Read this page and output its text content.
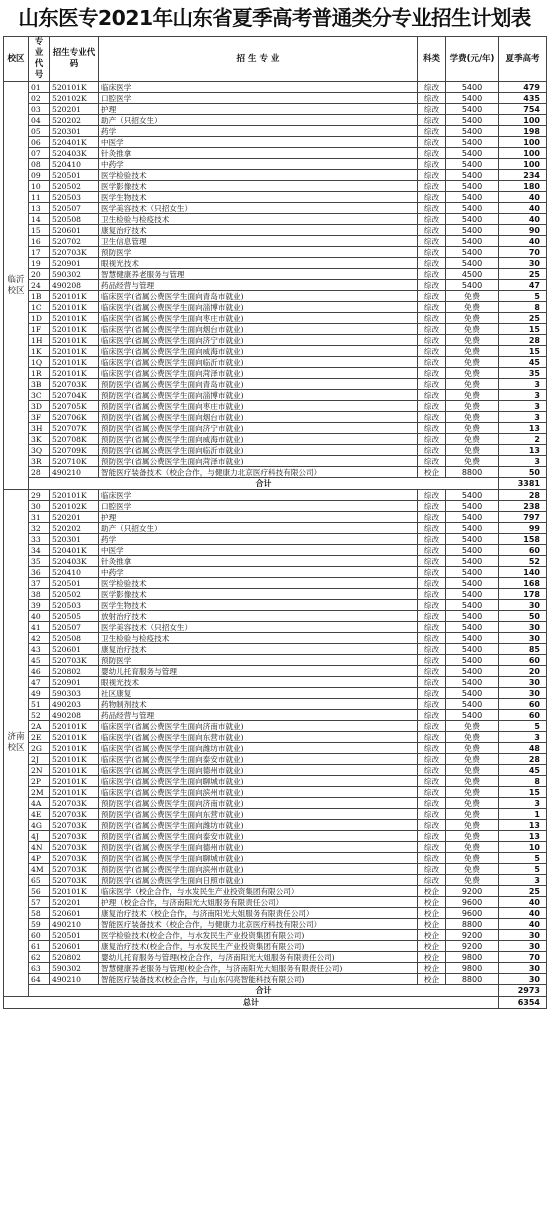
山东医专2021年山东省夏季高考普通类分专业招生计划表
校区	专业代号	招生专业代码	招 生 专 业	科类	学费(元/年)	夏季高考
临沂校区	01	520101K	临床医学	综改	5400	479
	02	520102K	口腔医学	综改	5400	435
	03	520201	护理	综改	5400	754
	04	520202	助产（只招女生）	综改	5400	100
	05	520301	药学	综改	5400	198
	06	520401K	中医学	综改	5400	100
	07	520403K	针灸推拿	综改	5400	100
	08	520410	中药学	综改	5400	100
	09	520501	医学检验技术	综改	5400	234
	10	520502	医学影像技术	综改	5400	180
	11	520503	医学生物技术	综改	5400	40
	13	520507	医学美容技术（只招女生）	综改	5400	40
	14	520508	卫生检验与检疫技术	综改	5400	40
	15	520601	康复治疗技术	综改	5400	90
	16	520702	卫生信息管理	综改	5400	40
	17	520703K	预防医学	综改	5400	70
	19	520901	眼视光技术	综改	5400	30
	20	590302	智慧健康养老服务与管理	综改	4500	25
	24	490208	药品经营与管理	综改	5400	47
	1B	520101K	临床医学(省属公费医学生面向青岛市就业)	综改	免费	5
	1C	520101K	临床医学(省属公费医学生面向淄博市就业)	综改	免费	8
	1D	520101K	临床医学(省属公费医学生面向枣庄市就业)	综改	免费	25
	1F	520101K	临床医学(省属公费医学生面向烟台市就业)	综改	免费	15
	1H	520101K	临床医学(省属公费医学生面向济宁市就业)	综改	免费	28
	1K	520101K	临床医学(省属公费医学生面向威海市就业)	综改	免费	15
	1Q	520101K	临床医学(省属公费医学生面向临沂市就业)	综改	免费	45
	1R	520101K	临床医学(省属公费医学生面向菏泽市就业)	综改	免费	35
	3B	520703K	预防医学(省属公费医学生面向青岛市就业)	综改	免费	3
	3C	520704K	预防医学(省属公费医学生面向淄博市就业)	综改	免费	3
	3D	520705K	预防医学(省属公费医学生面向枣庄市就业)	综改	免费	3
	3F	520706K	预防医学(省属公费医学生面向烟台市就业)	综改	免费	3
	3H	520707K	预防医学(省属公费医学生面向济宁市就业)	综改	免费	13
	3K	520708K	预防医学(省属公费医学生面向威海市就业)	综改	免费	2
	3Q	520709K	预防医学(省属公费医学生面向临沂市就业)	综改	免费	13
	3R	520710K	预防医学(省属公费医学生面向菏泽市就业)	综改	免费	3
	28	490210	智能医疗装备技术（校企合作，与健康力北京医疗科技有限公司）	校企	8800	50
	合计					3381
济南校区	29	520101K	临床医学	综改	5400	28
	30	520102K	口腔医学	综改	5400	238
	31	520201	护理	综改	5400	797
	32	520202	助产（只招女生）	综改	5400	99
	33	520301	药学	综改	5400	158
	34	520401K	中医学	综改	5400	60
	35	520403K	针灸推拿	综改	5400	52
	36	520410	中药学	综改	5400	140
	37	520501	医学检验技术	综改	5400	168
	38	520502	医学影像技术	综改	5400	178
	39	520503	医学生物技术	综改	5400	30
	40	520505	放射治疗技术	综改	5400	50
	41	520507	医学美容技术（只招女生）	综改	5400	30
	42	520508	卫生检验与检疫技术	综改	5400	30
	43	520601	康复治疗技术	综改	5400	85
	45	520703K	预防医学	综改	5400	60
	46	520802	婴幼儿托育服务与管理	综改	5400	20
	47	520901	眼视光技术	综改	5400	30
	49	590303	社区康复	综改	5400	30
	51	490203	药物制剂技术	综改	5400	60
	52	490208	药品经营与管理	综改	5400	60
	2A	520101K	临床医学(省属公费医学生面向济南市就业)	综改	免费	5
	2E	520101K	临床医学(省属公费医学生面向东营市就业)	综改	免费	3
	2G	520101K	临床医学(省属公费医学生面向潍坊市就业)	综改	免费	48
	2J	520101K	临床医学(省属公费医学生面向泰安市就业)	综改	免费	28
	2N	520101K	临床医学(省属公费医学生面向德州市就业)	综改	免费	45
	2P	520101K	临床医学(省属公费医学生面向聊城市就业)	综改	免费	8
	2M	520101K	临床医学(省属公费医学生面向滨州市就业)	综改	免费	15
	4A	520703K	预防医学(省属公费医学生面向济南市就业)	综改	免费	3
	4E	520703K	预防医学(省属公费医学生面向东营市就业)	综改	免费	1
	4G	520703K	预防医学(省属公费医学生面向潍坊市就业)	综改	免费	13
	4J	520703K	预防医学(省属公费医学生面向泰安市就业)	综改	免费	13
	4N	520703K	预防医学(省属公费医学生面向德州市就业)	综改	免费	10
	4P	520703K	预防医学(省属公费医学生面向聊城市就业)	综改	免费	5
	4M	520703K	预防医学(省属公费医学生面向滨州市就业)	综改	免费	5
	65	520703K	预防医学(省属公费医学生面向日照市就业)	综改	免费	3
	56	520101K	临床医学（校企合作，与水发民生产业投资集团有限公司）	校企	9200	25
	57	520201	护理（校企合作，与济南阳光大姐服务有限责任公司）	校企	9600	40
	58	520601	康复治疗技术（校企合作，与济南阳光大姐服务有限责任公司）	校企	9600	40
	59	490210	智能医疗装备技术（校企合作，与健康力北京医疗科技有限公司）	校企	8800	40
	60	520501	医学检验技术(校企合作，与水发民生产业投资集团有限公司)	校企	9200	30
	61	520601	康复治疗技术(校企合作，与水发民生产业投资集团有限公司)	校企	9200	30
	62	520802	婴幼儿托育服务与管理(校企合作，与济南阳光大姐服务有限责任公司)	校企	9800	70
	63	590302	智慧健康养老服务与管理(校企合作，与济南阳光大姐服务有限责任公司)	校企	9800	30
	64	490210	智能医疗装备技术(校企合作，与山东闪亮智能科技有限公司)	校企	8800	30
	合计					2973
总计						6354
